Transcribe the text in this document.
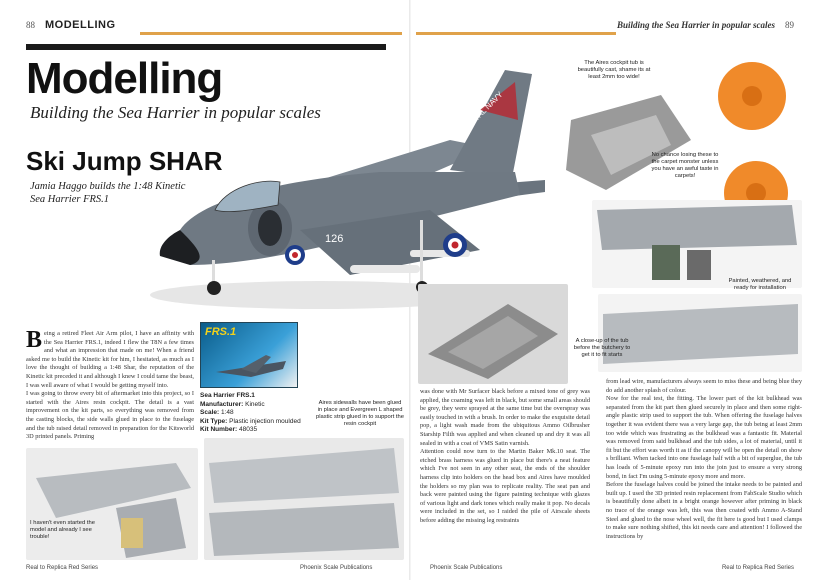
88 MODELLING	Building the Sea Harrier in popular scales 89
Modelling
Building the Sea Harrier in popular scales
Ski Jump SHAR
Jamia Haggo builds the 1:48 Kinetic Sea Harrier FRS.1
ROYAL NAVY
126
B eing a retired Fleet Air Arm pilot, I have an affinity with the Sea Harrier FRS.1, indeed I flew the T8N a few times and what an impression that made on me! When a friend asked me to build the Kinetic kit for him, I hesitated, as much as I love the thought of building a 1:48 Shar, the reputation of the Kinetic kit preceded it and although I knew I could tame the beast, I was well aware of what I would be getting myself into.
I was going to throw every bit of aftermarket into this project, so I started with the Aires resin cockpit. The detail is a vast improvement on the kit parts, so everything was removed from the casting blocks, the side walls glued in place to the fuselage and the tub raised detail removed in preparation for the Kitsworld 3D printed panels. Priming
FRS.1
Sea Harrier FRS.1
Manufacturer: Kinetic
Scale: 1:48
Kit Type: Plastic injection moulded
Kit Number: 48035
Aires sidewalls have been glued in place and Evergreen L shaped plastic strip glued in to support the resin cockpit
I haven't even started the model and already I see trouble!
The Aires cockpit tub is beautifully cast, shame its at least 2mm too wide!
No chance losing these to the carpet monster unless you have an awful taste in carpets!
Painted, weathered, and ready for installation
A close-up of the tub before the butchery to get it to fit starts
was done with Mr Surfacer black before a mixed tone of grey was applied, the coaming was left in black, but some small areas should be grey, they were sprayed at the same time but the overspray was easily touched in with a brush. In order to make the exquisite detail pop, a light wash made from the ubiquitous Ammo Oilbrusher Starship Filth was applied and when cleaned up and dry it was all sealed in with a coat of VMS Satin varnish.
Attention could now turn to the Martin Baker Mk.10 seat. The etched brass harness was glued in place but there's a neat feature which I've not seen in any other seat, the ends of the shoulder harness clip into holders on the head box and Aires have moulded the holders so my plan was to replicate reality. The seat pan and back were painted using the figure painting technique with glazes of various light and dark tones which really make it pop. No decals were included in the set, so I raided the pile of Airscale sheets before adding the missing leg restraints
from lead wire, manufacturers always seem to miss these and being blue they do add another splash of colour.
Now for the real test, the fitting. The lower part of the kit bulkhead was separated from the kit part then glued securely in place and then some right-angle plastic strip used to support the tub. When offering the fuselage halves together it was evident there was a very large gap, the tub being at least 2mm too wide which was frustrating as the bulkhead was a fantastic fit. Material was removed from said bulkhead and the tub sides, a lot of material, until it fit but the effort was worth it as if the canopy will be open the detail on show s brilliant. When tacked into one fuselage half with a bit of superglue, the tub has loads of 5-minute epoxy run into the join just to ensure a very strong bond, in fact I'm using 5-minute epoxy more and more.
Before the fuselage halves could be joined the intake needs to be painted and built up. I used the 3D printed resin replacement from FabScale Studio which is beautifully done albeit in a bright orange however after priming in black no trace of the orange was left, this was then coated with Ammo A-Stand Steel and glued to the nose wheel well, the fit here is good but I used clamps to make sure nothing shifted, this kit needs care and attention! I followed the instructions by
Real to Replica Red Series	Phoenix Scale Publications	Phoenix Scale Publications	Real to Replica Red Series
